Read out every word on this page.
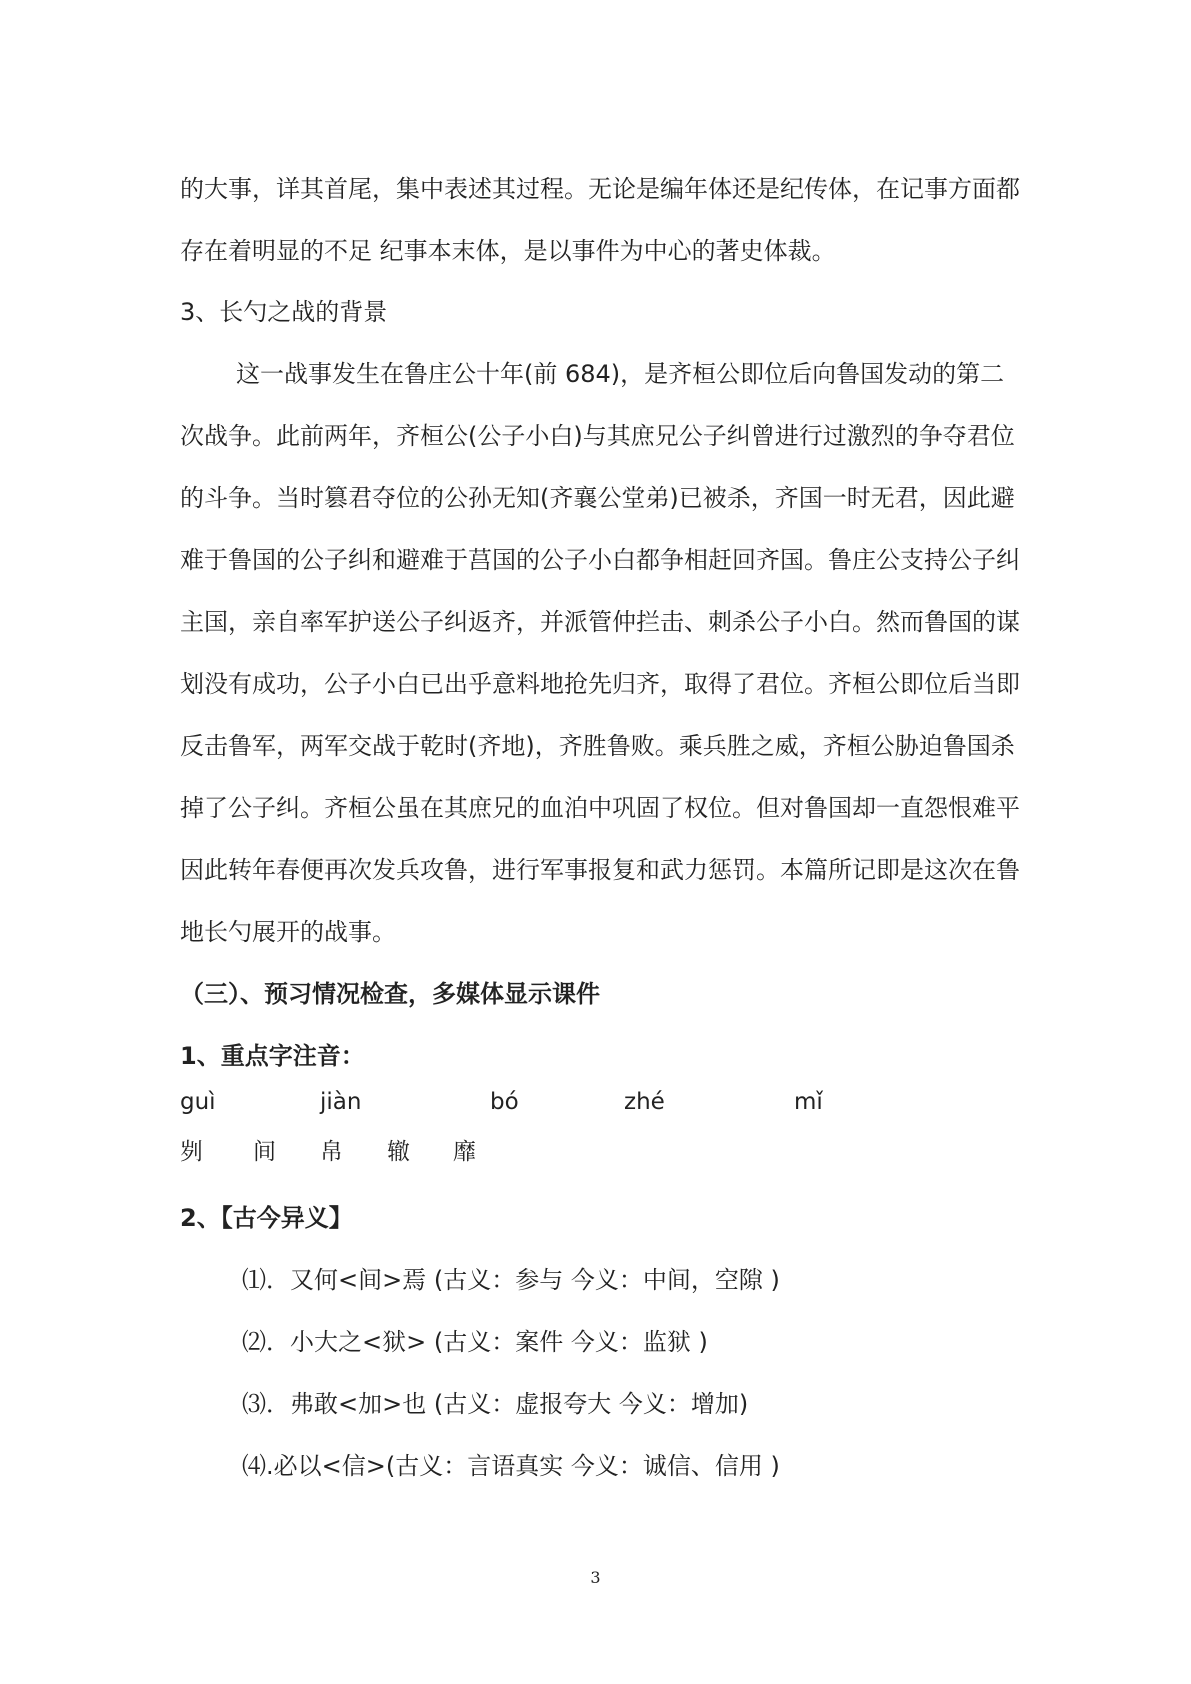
的大事，详其首尾，集中表述其过程。无论是编年体还是纪传体，在记事方面都
存在着明显的不足 纪事本末体，是以事件为中心的著史体裁。
3、长勺之战的背景
这一战事发生在鲁庄公十年(前 684)，是齐桓公即位后向鲁国发动的第二
次战争。此前两年，齐桓公(公子小白)与其庶兄公子纠曾进行过激烈的争夺君位
的斗争。当时篡君夺位的公孙无知(齐襄公堂弟)已被杀，齐国一时无君，因此避
难于鲁国的公子纠和避难于莒国的公子小白都争相赶回齐国。鲁庄公支持公子纠
主国，亲自率军护送公子纠返齐，并派管仲拦击、刺杀公子小白。然而鲁国的谋
划没有成功，公子小白已出乎意料地抢先归齐，取得了君位。齐桓公即位后当即
反击鲁军，两军交战于乾时(齐地)，齐胜鲁败。乘兵胜之威，齐桓公胁迫鲁国杀
掉了公子纠。齐桓公虽在其庶兄的血泊中巩固了权位。但对鲁国却一直怨恨难平
因此转年春便再次发兵攻鲁，进行军事报复和武力惩罚。本篇所记即是这次在鲁
地长勺展开的战事。
（三）、预习情况检查，多媒体显示课件
1、重点字注音：
guì	jiàn	bó	zhé	mǐ
刿 间 帛 辙 靡
2、【古今异义】
⑴．又何<间>焉 (古义：参与 今义：中间，空隙 )
⑵．小大之<狱> (古义：案件 今义：监狱 )
⑶．弗敢<加>也 (古义：虚报夸大 今义：增加)
⑷.必以<信>(古义：言语真实 今义：诚信、信用 )
3
